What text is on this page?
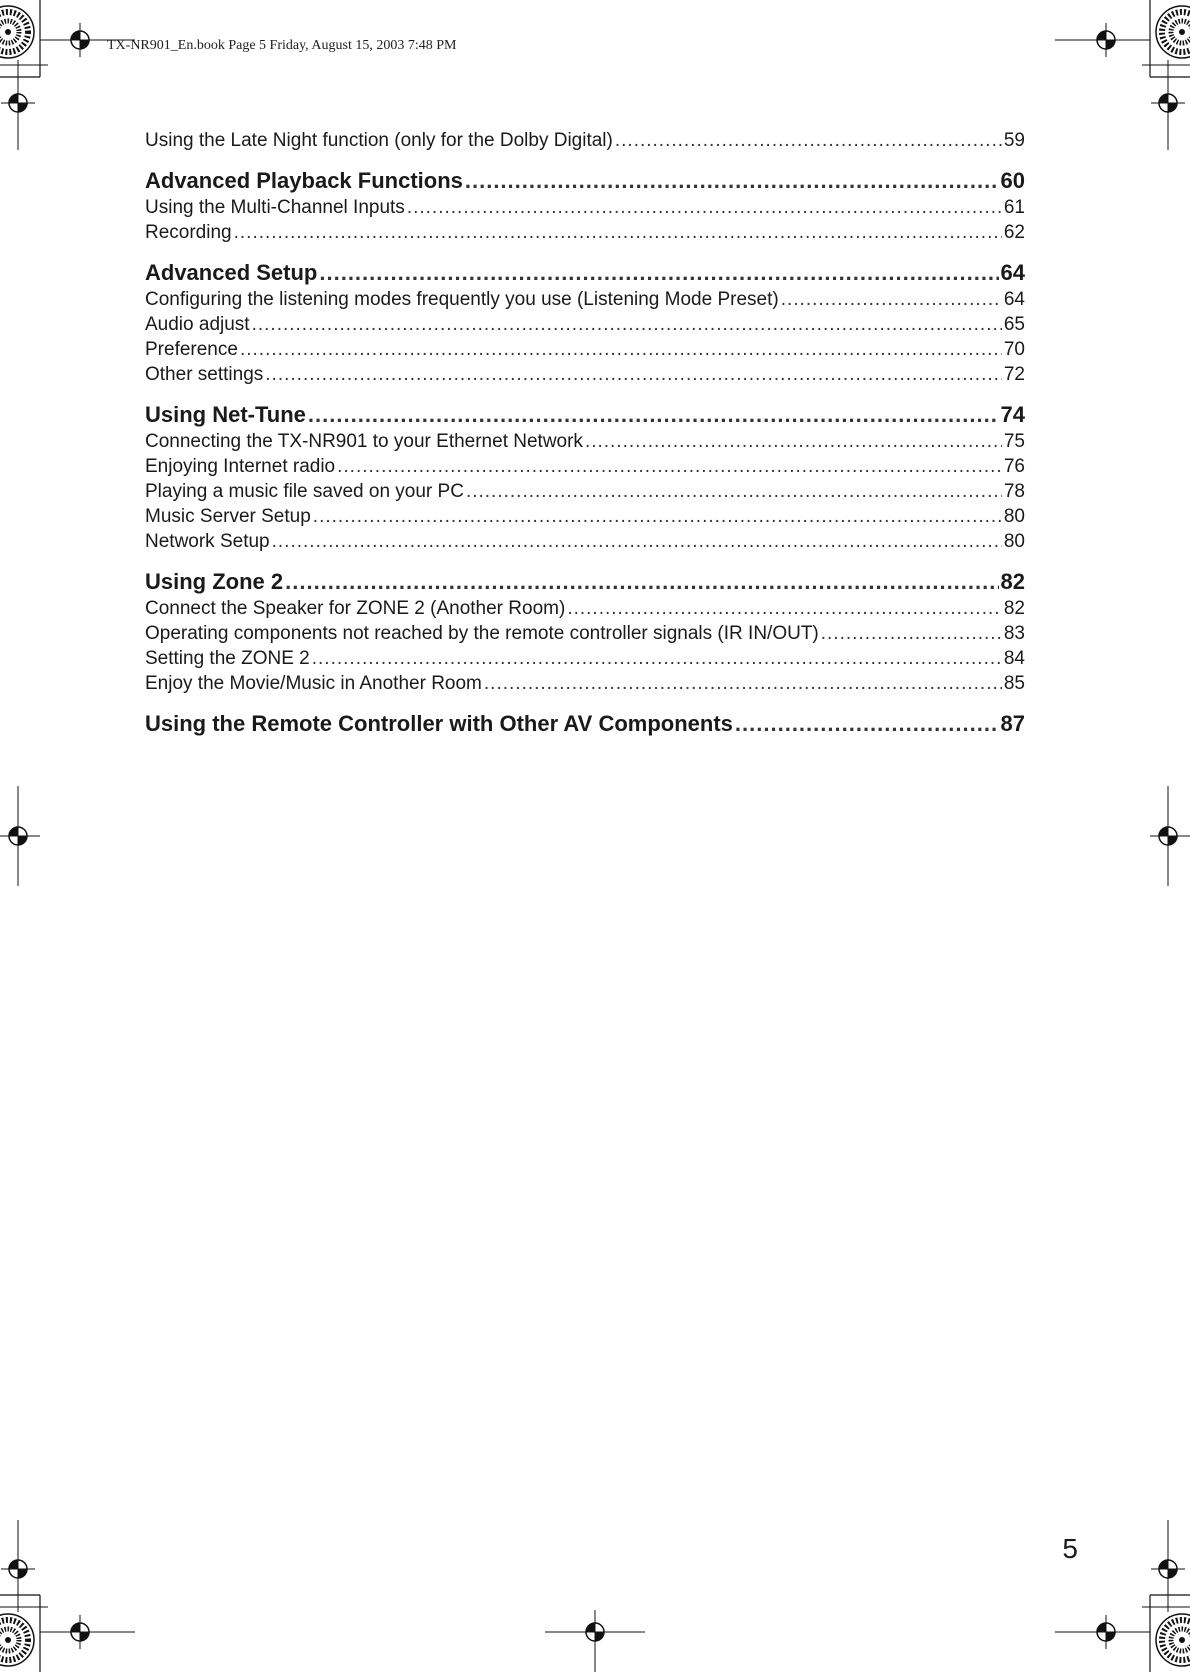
TX-NR901_En.book Page 5 Friday, August 15, 2003 7:48 PM
Using the Late Night function (only for the Dolby Digital) .....	59
Advanced Playback Functions .....	60
Using the Multi-Channel Inputs .....	61
Recording .....	62
Advanced Setup .....	64
Configuring the listening modes frequently you use (Listening Mode Preset) .....	64
Audio adjust .....	65
Preference .....	70
Other settings .....	72
Using Net-Tune .....	74
Connecting the TX-NR901 to your Ethernet Network .....	75
Enjoying Internet radio .....	76
Playing a music file saved on your PC .....	78
Music Server Setup .....	80
Network Setup .....	80
Using Zone 2 .....	82
Connect the Speaker for ZONE 2 (Another Room) .....	82
Operating components not reached by the remote controller signals (IR IN/OUT) .....	83
Setting the ZONE 2 .....	84
Enjoy the Movie/Music in Another Room .....	85
Using the Remote Controller with Other AV Components .....	87
5
